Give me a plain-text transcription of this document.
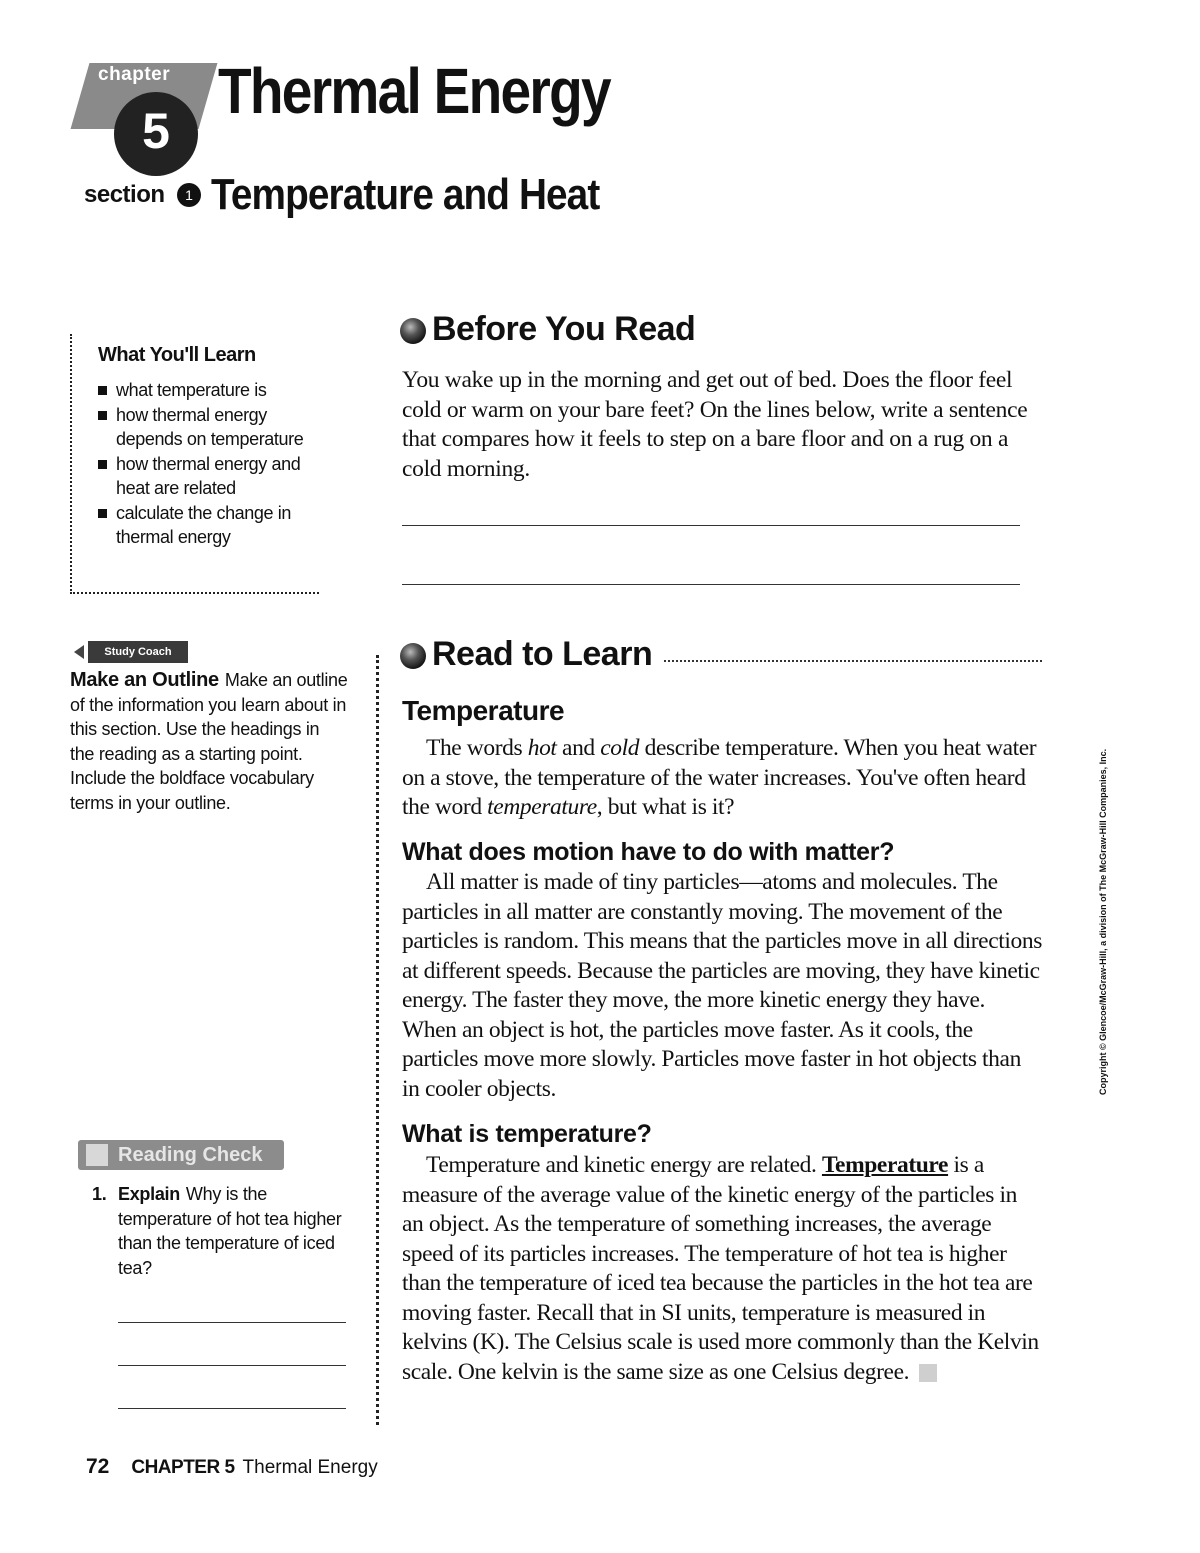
chapter
5
Thermal Energy
section 1 Temperature and Heat
What You'll Learn
what temperature is
how thermal energy depends on temperature
how thermal energy and heat are related
calculate the change in thermal energy
Study Coach
Make an Outline Make an outline of the information you learn about in this section. Use the headings in the reading as a starting point. Include the boldface vocabulary terms in your outline.
Reading Check
1. Explain Why is the temperature of hot tea higher than the temperature of iced tea?
Before You Read
You wake up in the morning and get out of bed. Does the floor feel cold or warm on your bare feet? On the lines below, write a sentence that compares how it feels to step on a bare floor and on a rug on a cold morning.
Read to Learn
Temperature
The words hot and cold describe temperature. When you heat water on a stove, the temperature of the water increases. You've often heard the word temperature, but what is it?
What does motion have to do with matter?
All matter is made of tiny particles—atoms and molecules. The particles in all matter are constantly moving. The movement of the particles is random. This means that the particles move in all directions at different speeds. Because the particles are moving, they have kinetic energy. The faster they move, the more kinetic energy they have. When an object is hot, the particles move faster. As it cools, the particles move more slowly. Particles move faster in hot objects than in cooler objects.
What is temperature?
Temperature and kinetic energy are related. Temperature is a measure of the average value of the kinetic energy of the particles in an object. As the temperature of something increases, the average speed of its particles increases. The temperature of hot tea is higher than the temperature of iced tea because the particles in the hot tea are moving faster. Recall that in SI units, temperature is measured in kelvins (K). The Celsius scale is used more commonly than the Kelvin scale. One kelvin is the same size as one Celsius degree.
Copyright © Glencoe/McGraw-Hill, a division of The McGraw-Hill Companies, Inc.
72 CHAPTER 5 Thermal Energy
